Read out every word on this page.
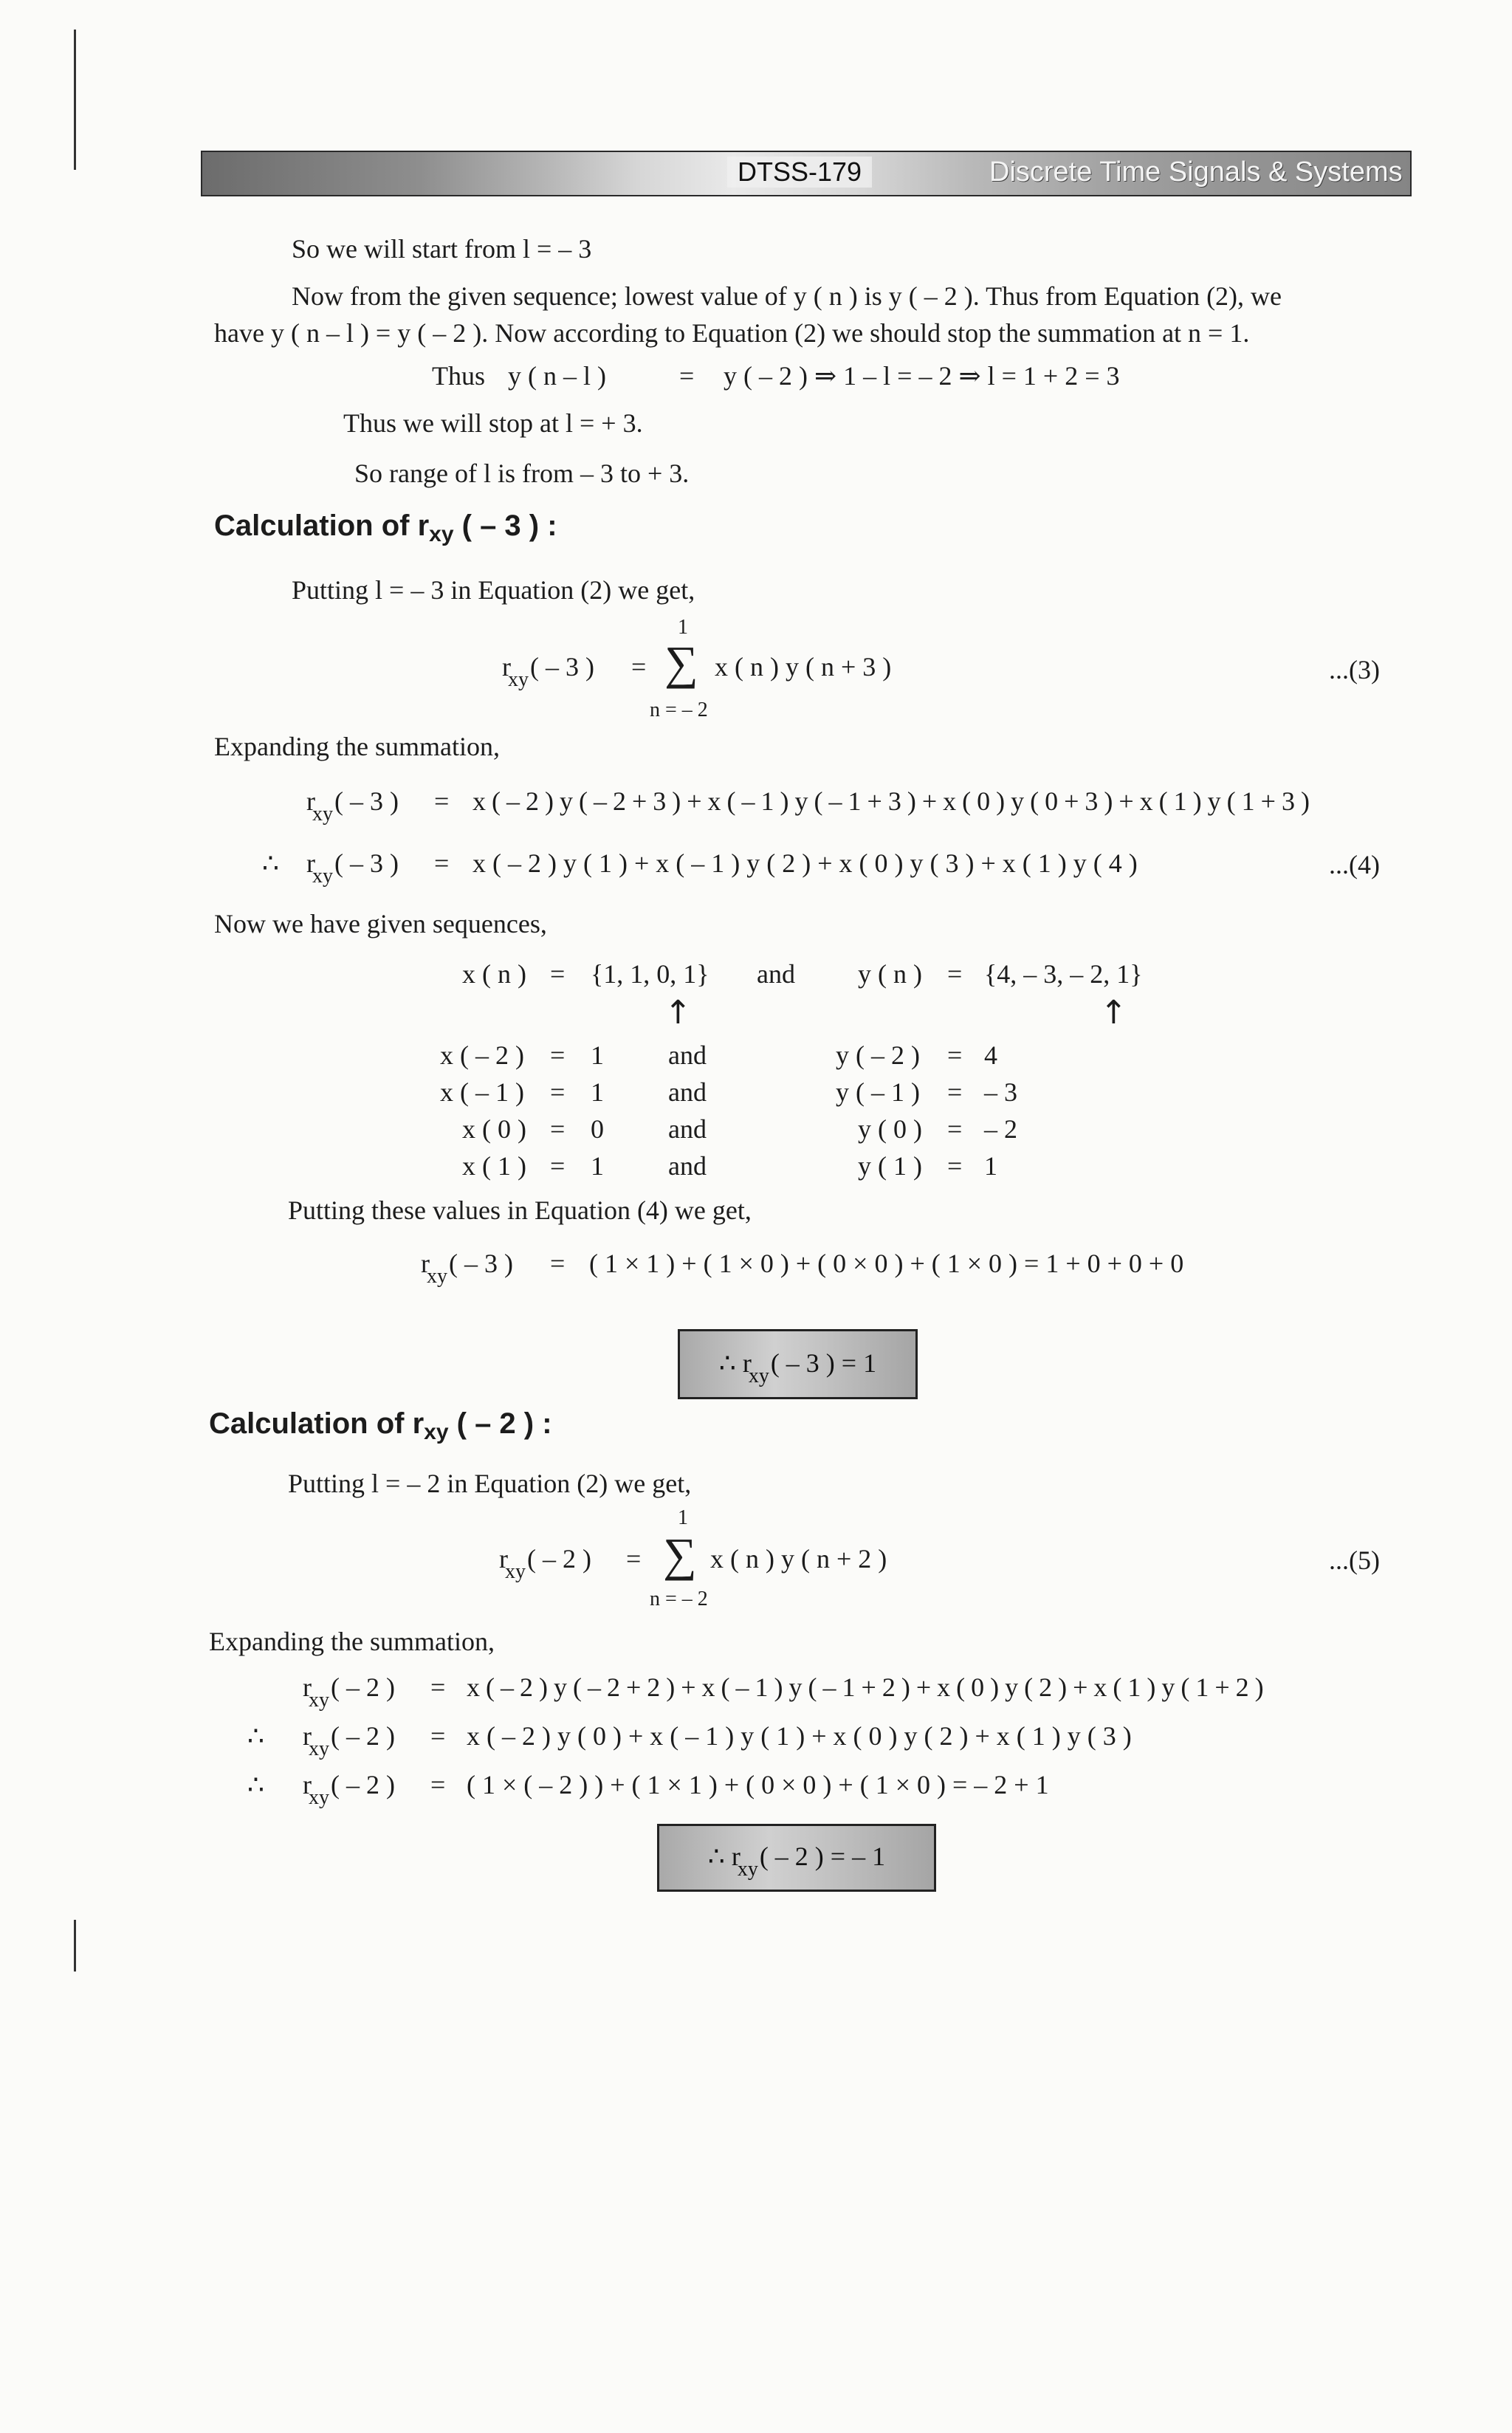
DTSS-179	Discrete Time Signals & Systems
So we will start from l = – 3
Now from the given sequence; lowest value of y ( n ) is y ( – 2 ). Thus from Equation (2), we
have y ( n – l ) = y ( – 2 ). Now according to Equation (2) we should stop the summation at n = 1.
Thus y ( n – l )	= y ( – 2 ) ⇒ 1 – l = – 2 ⇒ l = 1 + 2 = 3
Thus we will stop at l = + 3.
So range of l is from – 3 to + 3.
Calculation of $r_{xy}$ ( – 3 ) :
Putting l = – 3 in Equation (2) we get,
1
$r_{xy}( - 3$ ) = ∑ x ( n ) y ( n + 3 )
n = – 2
...(3)
Expanding the summation,
$r_{xy}( - 3$ ) = x ( – 2 ) y ( – 2 + 3 ) + x ( – 1 ) y ( – 1 + 3 ) + x ( 0 ) y ( 0 + 3 ) + x ( 1 ) y ( 1 + 3 )
∴ $r_{xy}( - 3$ ) = x ( – 2 ) y ( 1 ) + x ( – 1 ) y ( 2 ) + x ( 0 ) y ( 3 ) + x ( 1 ) y ( 4 )	...(4)
Now we have given sequences,
x ( n ) = {1, 1, 0, 1} and y ( n ) = {4, – 3, – 2, 1}
↑	↑
x ( – 2 ) = 1 and	y ( – 2 ) = 4
x ( – 1 ) = 1 and	y ( – 1 ) = – 3
x ( 0 ) = 0 and	y ( 0 ) = – 2
x ( 1 ) = 1 and	y ( 1 ) = 1
Putting these values in Equation (4) we get,
$r_{xy}( - 3$ ) = ( 1 × 1 ) + ( 1 × 0 ) + ( 0 × 0 ) + ( 1 × 0 ) = 1 + 0 + 0 + 0
∴ $r_{xy}( - 3$ ) = 1
Calculation of $r_{xy}$ ( – 2 ) :
Putting l = – 2 in Equation (2) we get,
1
$r_{xy}( - 2$ ) = ∑ x ( n ) y ( n + 2 )
n = – 2
...(5)
Expanding the summation,
$r_{xy}( - 2$ ) = x ( – 2 ) y ( – 2 + 2 ) + x ( – 1 ) y ( – 1 + 2 ) + x ( 0 ) y ( 2 ) + x ( 1 ) y ( 1 + 2 )
∴ $r_{xy}( - 2$ ) = x ( – 2 ) y ( 0 ) + x ( – 1 ) y ( 1 ) + x ( 0 ) y ( 2 ) + x ( 1 ) y ( 3 )
∴ $r_{xy}( - 2$ ) = ( 1 × ( – 2 ) ) + ( 1 × 1 ) + ( 0 × 0 ) + ( 1 × 0 ) = – 2 + 1
∴ $r_{xy}( - 2$ ) = – 1
